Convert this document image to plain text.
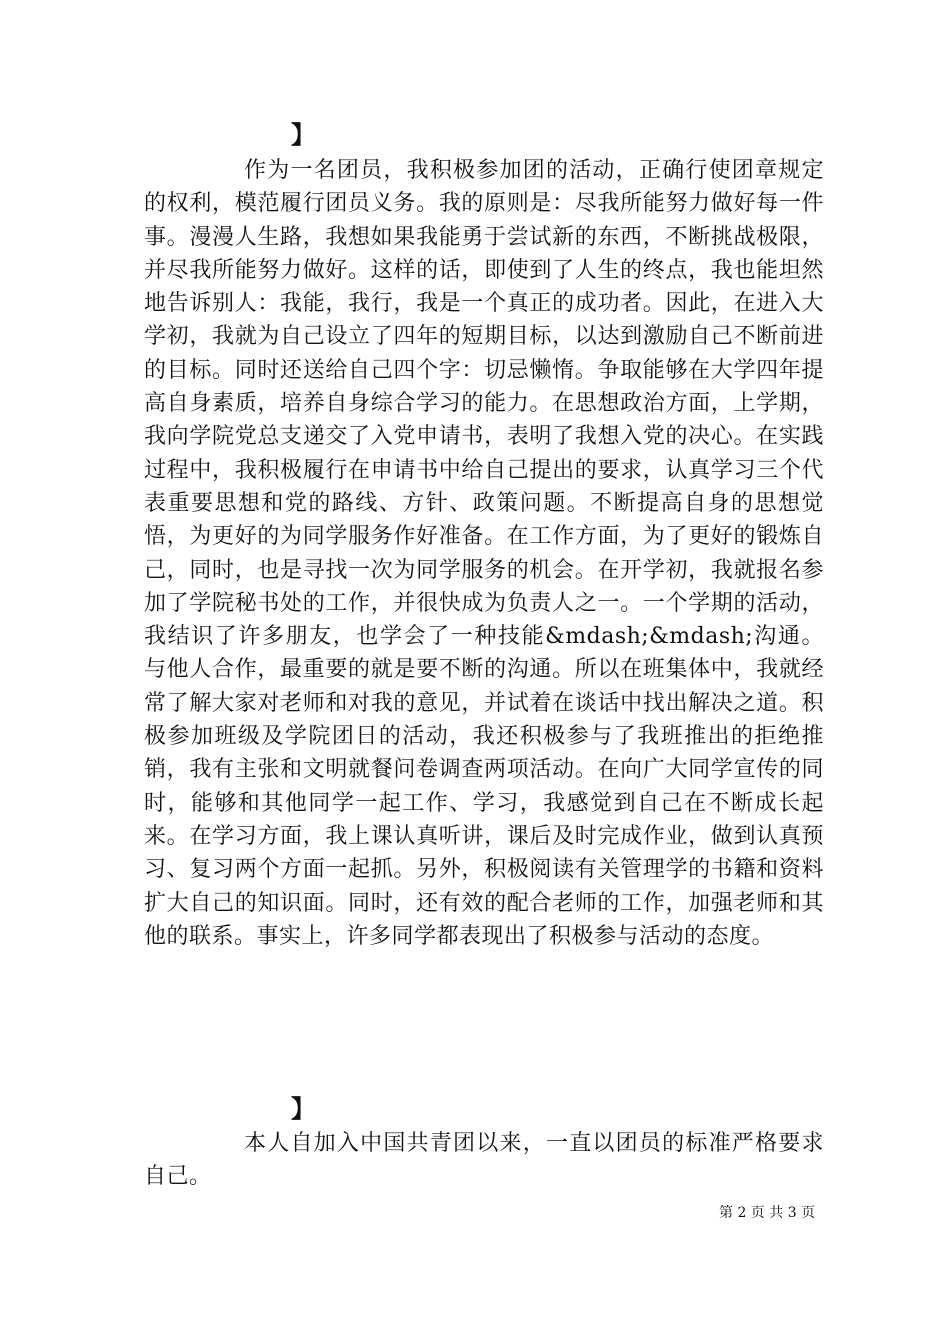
】

作为一名团员，我积极参加团的活动，正确行使团章规定的权利，模范履行团员义务。我的原则是：尽我所能努力做好每一件事。漫漫人生路，我想如果我能勇于尝试新的东西，不断挑战极限，并尽我所能努力做好。这样的话，即使到了人生的终点，我也能坦然地告诉别人：我能，我行，我是一个真正的成功者。因此，在进入大学初，我就为自己设立了四年的短期目标，以达到激励自己不断前进的目标。同时还送给自己四个字：切忌懒惰。争取能够在大学四年提高自身素质，培养自身综合学习的能力。在思想政治方面，上学期，我向学院党总支递交了入党申请书，表明了我想入党的决心。在实践过程中，我积极履行在申请书中给自己提出的要求，认真学习三个代表重要思想和党的路线、方针、政策问题。不断提高自身的思想觉悟，为更好的为同学服务作好准备。在工作方面，为了更好的锻炼自己，同时，也是寻找一次为同学服务的机会。在开学初，我就报名参加了学院秘书处的工作，并很快成为负责人之一。一个学期的活动，我结识了许多朋友，也学会了一种技能&mdash;&mdash;沟通。与他人合作，最重要的就是要不断的沟通。所以在班集体中，我就经常了解大家对老师和对我的意见，并试着在谈话中找出解决之道。积极参加班级及学院团日的活动，我还积极参与了我班推出的拒绝推销，我有主张和文明就餐问卷调查两项活动。在向广大同学宣传的同时，能够和其他同学一起工作、学习，我感觉到自己在不断成长起来。在学习方面，我上课认真听讲，课后及时完成作业，做到认真预习、复习两个方面一起抓。另外，积极阅读有关管理学的书籍和资料扩大自己的知识面。同时，还有效的配合老师的工作，加强老师和其他的联系。事实上，许多同学都表现出了积极参与活动的态度。

】

本人自加入中国共青团以来，一直以团员的标准严格要求自己。

第 2 页 共 3 页
